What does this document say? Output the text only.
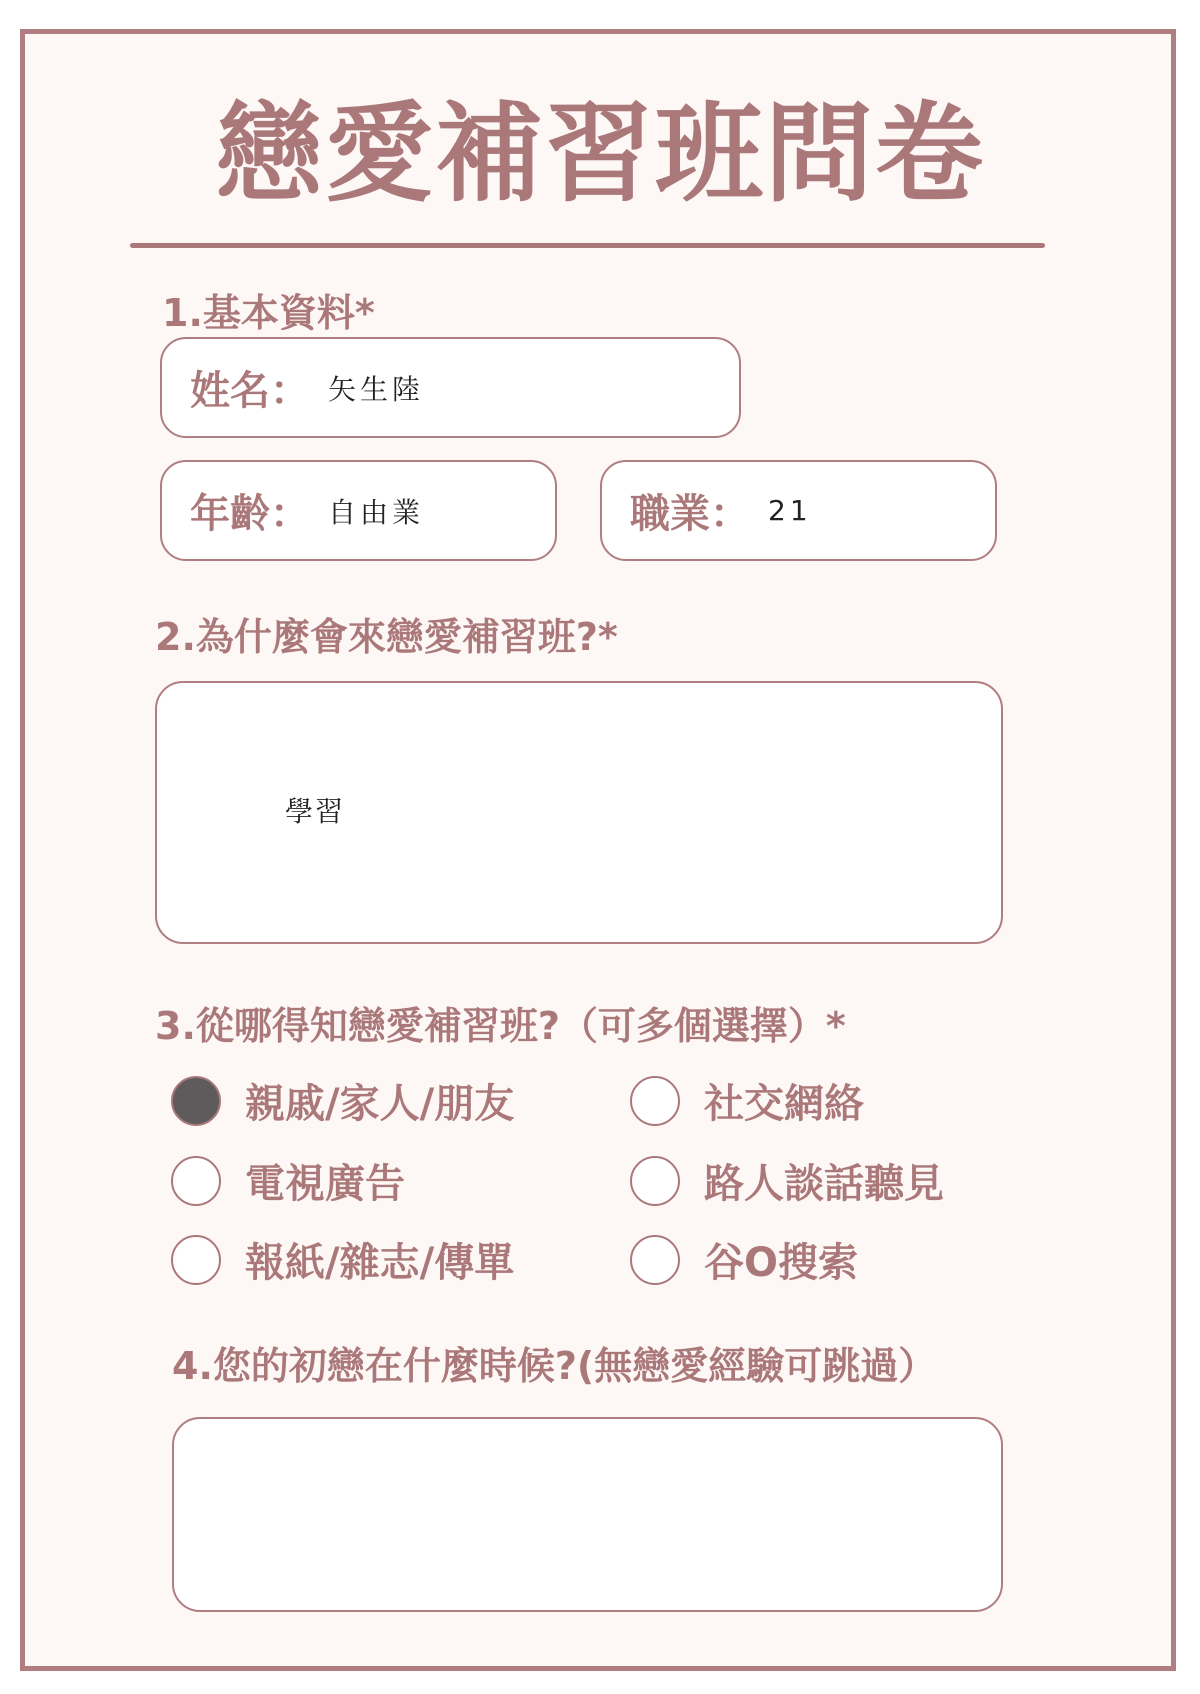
戀愛補習班問卷
1.基本資料*
姓名： 矢生陸
年齡： 自由業	職業： 21
2.為什麼會來戀愛補習班?*
學習
3.從哪得知戀愛補習班?（可多個選擇）*
親戚/家人/朋友	社交網絡
電視廣告	路人談話聽見
報紙/雜志/傳單	谷O搜索
4.您的初戀在什麼時候?(無戀愛經驗可跳過）
